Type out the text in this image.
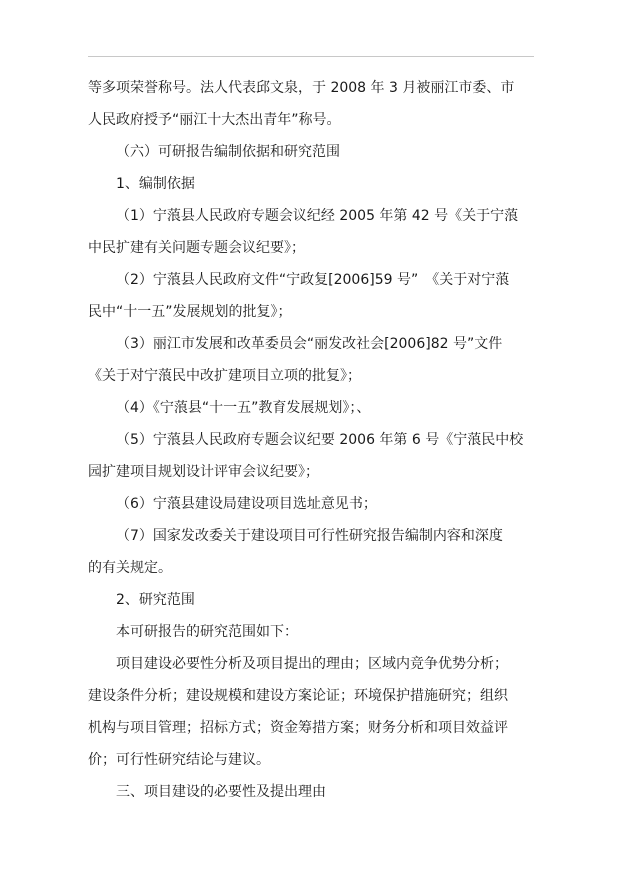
等多项荣誉称号。法人代表邱文泉，于 2008 年 3 月被丽江市委、市
人民政府授予“丽江十大杰出青年”称号。
（六）可研报告编制依据和研究范围
1、编制依据
（1）宁蒗县人民政府专题会议纪经 2005 年第 42 号《关于宁蒗
中民扩建有关问题专题会议纪要》；
（2）宁蒗县人民政府文件“宁政复[2006]59 号”　《关于对宁蒗
民中“十一五”发展规划的批复》；
（3）丽江市发展和改革委员会“丽发改社会[2006]82 号”文件
《关于对宁蒗民中改扩建项目立项的批复》；
（4）《宁蒗县“十一五”教育发展规划》；、
（5）宁蒗县人民政府专题会议纪要 2006 年第 6 号《宁蒗民中校
园扩建项目规划设计评审会议纪要》；
（6）宁蒗县建设局建设项目选址意见书；
（7）国家发改委关于建设项目可行性研究报告编制内容和深度
的有关规定。
2、研究范围
本可研报告的研究范围如下：
项目建设必要性分析及项目提出的理由；区域内竞争优势分析；
建设条件分析；建设规模和建设方案论证；环境保护措施研究；组织
机构与项目管理；招标方式；资金筹措方案；财务分析和项目效益评
价；可行性研究结论与建议。
三、项目建设的必要性及提出理由
